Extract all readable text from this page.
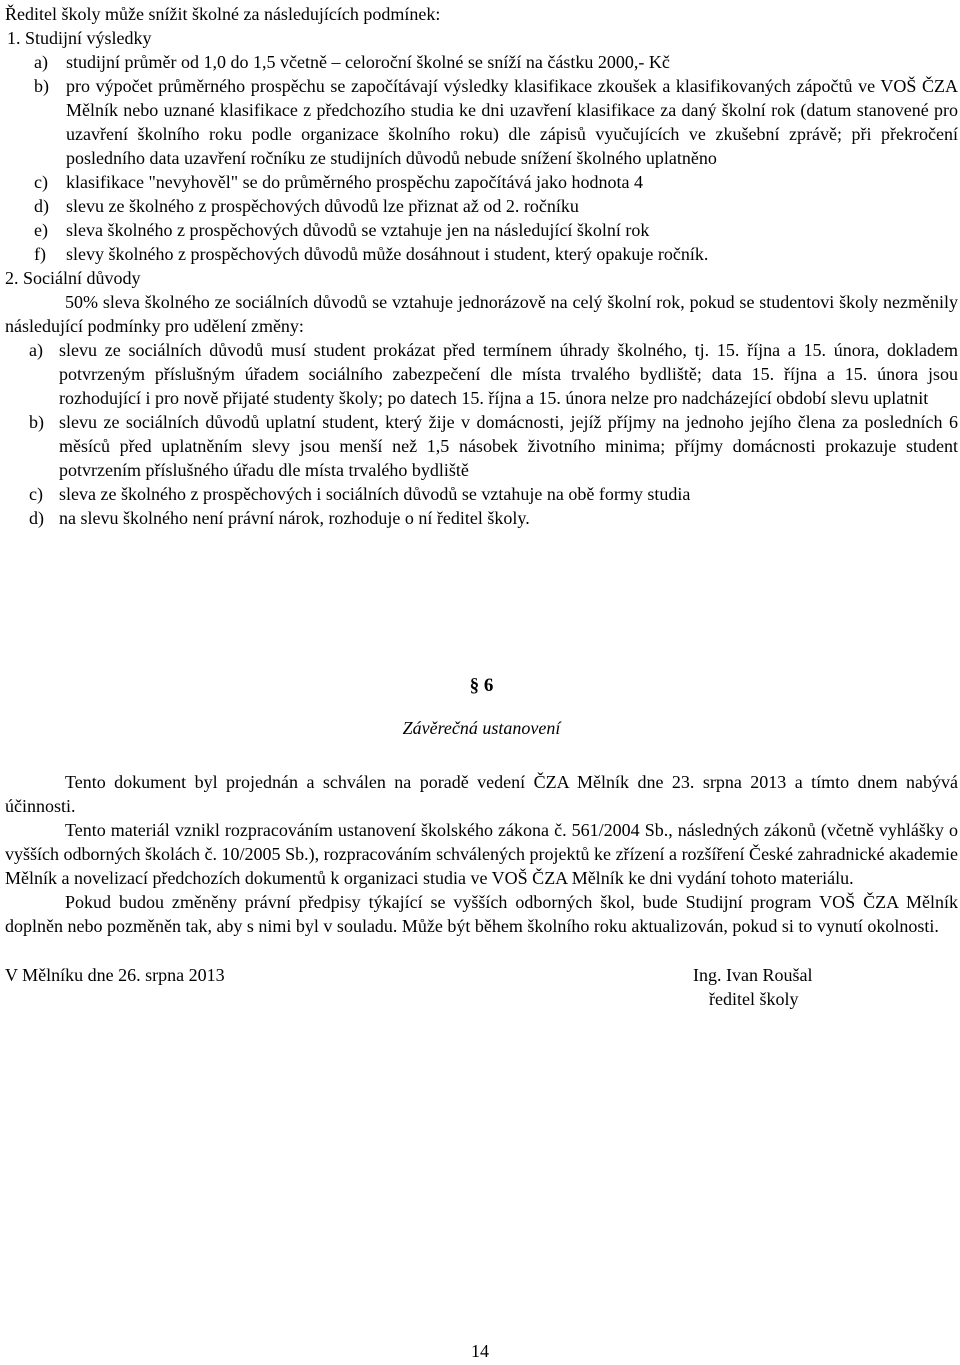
Ředitel školy může snížit školné za následujících podmínek:

1. Studijní výsledky

a)	studijní průměr od 1,0 do 1,5 včetně – celoroční školné se sníží na částku 2000,- Kč
b) pro výpočet průměrného prospěchu se započítávají výsledky klasifikace zkoušek a klasifikovaných zápočtů ve VOŠ ČZA Mělník nebo uznané klasifikace z předchozího studia ke dni uzavření klasifikace za daný školní rok (datum stanovené pro uzavření školního roku podle organizace školního roku) dle zápisů vyučujících ve zkušební zprávě; při překročení posledního data uzavření ročníku ze studijních důvodů nebude snížení školného uplatněno
c)	klasifikace "nevyhověl" se do průměrného prospěchu započítává jako hodnota 4
d) slevu ze školného z prospěchových důvodů lze přiznat až od 2. ročníku
e)	sleva školného z prospěchových důvodů se vztahuje jen na následující školní rok
f)	slevy školného z prospěchových důvodů může dosáhnout i student, který opakuje ročník.

2. Sociální důvody

50% sleva školného ze sociálních důvodů se vztahuje jednorázově na celý školní rok, pokud se studentovi školy nezměnily následující podmínky pro udělení změny:

a) slevu ze sociálních důvodů musí student prokázat před termínem úhrady školného, tj. 15. října a 15. února, dokladem potvrzeným příslušným úřadem sociálního zabezpečení dle místa trvalého bydliště; data 15. října a 15. února jsou rozhodující i pro nově přijaté studenty školy; po datech 15. října a 15. února nelze pro nadcházející období slevu uplatnit
b) slevu ze sociálních důvodů uplatní student, který žije v domácnosti, jejíž příjmy na jednoho jejího člena za posledních 6 měsíců před uplatněním slevy jsou menší než 1,5 násobek životního minima; příjmy domácnosti prokazuje student potvrzením příslušného úřadu dle místa trvalého bydliště
c) sleva ze školného z prospěchových i sociálních důvodů se vztahuje na obě formy studia
d) na slevu školného není právní nárok, rozhoduje o ní ředitel školy.

§ 6

Závěrečná ustanovení

Tento dokument byl projednán a schválen na poradě vedení ČZA Mělník dne 23. srpna 2013 a tímto dnem nabývá účinnosti.

Tento materiál vznikl rozpracováním ustanovení školského zákona č. 561/2004 Sb., následných zákonů (včetně vyhlášky o vyšších odborných školách č. 10/2005 Sb.), rozpracováním schválených projektů ke zřízení a rozšíření České zahradnické akademie Mělník a novelizací předchozích dokumentů k organizaci studia ve VOŠ ČZA Mělník ke dni vydání tohoto materiálu.

Pokud budou změněny právní předpisy týkající se vyšších odborných škol, bude Studijní program VOŠ ČZA Mělník doplněn nebo pozměněn tak, aby s nimi byl v souladu. Může být během školního roku aktualizován, pokud si to vynutí okolnosti.

V Mělníku dne 26. srpna 2013	Ing. Ivan Roušal
ředitel školy
14
